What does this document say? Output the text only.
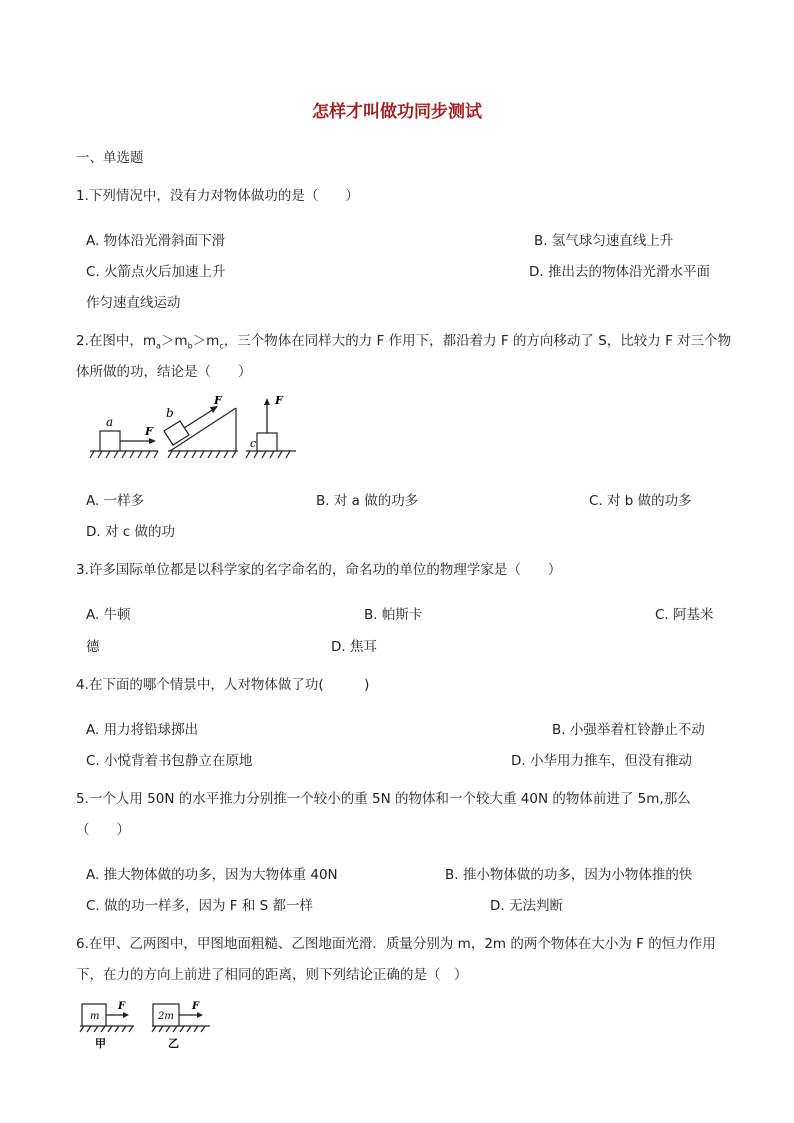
怎样才叫做功同步测试
一、单选题
1.下列情况中，没有力对物体做功的是（　　）
A. 物体沿光滑斜面下滑	B. 氢气球匀速直线上升
C. 火箭点火后加速上升	D. 推出去的物体沿光滑水平面
作匀速直线运动
2.在图中，$m_a>m_b>m_c$，三个物体在同样大的力 F 作用下，都沿着力 F 的方向移动了 S，比较力 F 对三个物
体所做的功，结论是（　　）
a
F
b
F
c
F
A. 一样多	B. 对 a 做的功多	C. 对 b 做的功多
D. 对 c 做的功
3.许多国际单位都是以科学家的名字命名的，命名功的单位的物理学家是（　　）
A. 牛顿	B. 帕斯卡	C. 阿基米
德	D. 焦耳
4.在下面的哪个情景中，人对物体做了功(　　　)
A. 用力将铅球掷出	B. 小强举着杠铃静止不动
C. 小悦背着书包静立在原地	D. 小华用力推车，但没有推动
5.一个人用 50N 的水平推力分别推一个较小的重 5N 的物体和一个较大重 40N 的物体前进了 5m,那么
（　　）
A. 推大物体做的功多，因为大物体重 40N	B. 推小物体做的功多，因为小物体推的快
C. 做的功一样多，因为 F 和 S 都一样	D. 无法判断
6.在甲、乙两图中，甲图地面粗糙、乙图地面光滑．质量分别为 m，2m 的两个物体在大小为 F 的恒力作用
下，在力的方向上前进了相同的距离，则下列结论正确的是（　）
m
F
甲
2m
F
乙
